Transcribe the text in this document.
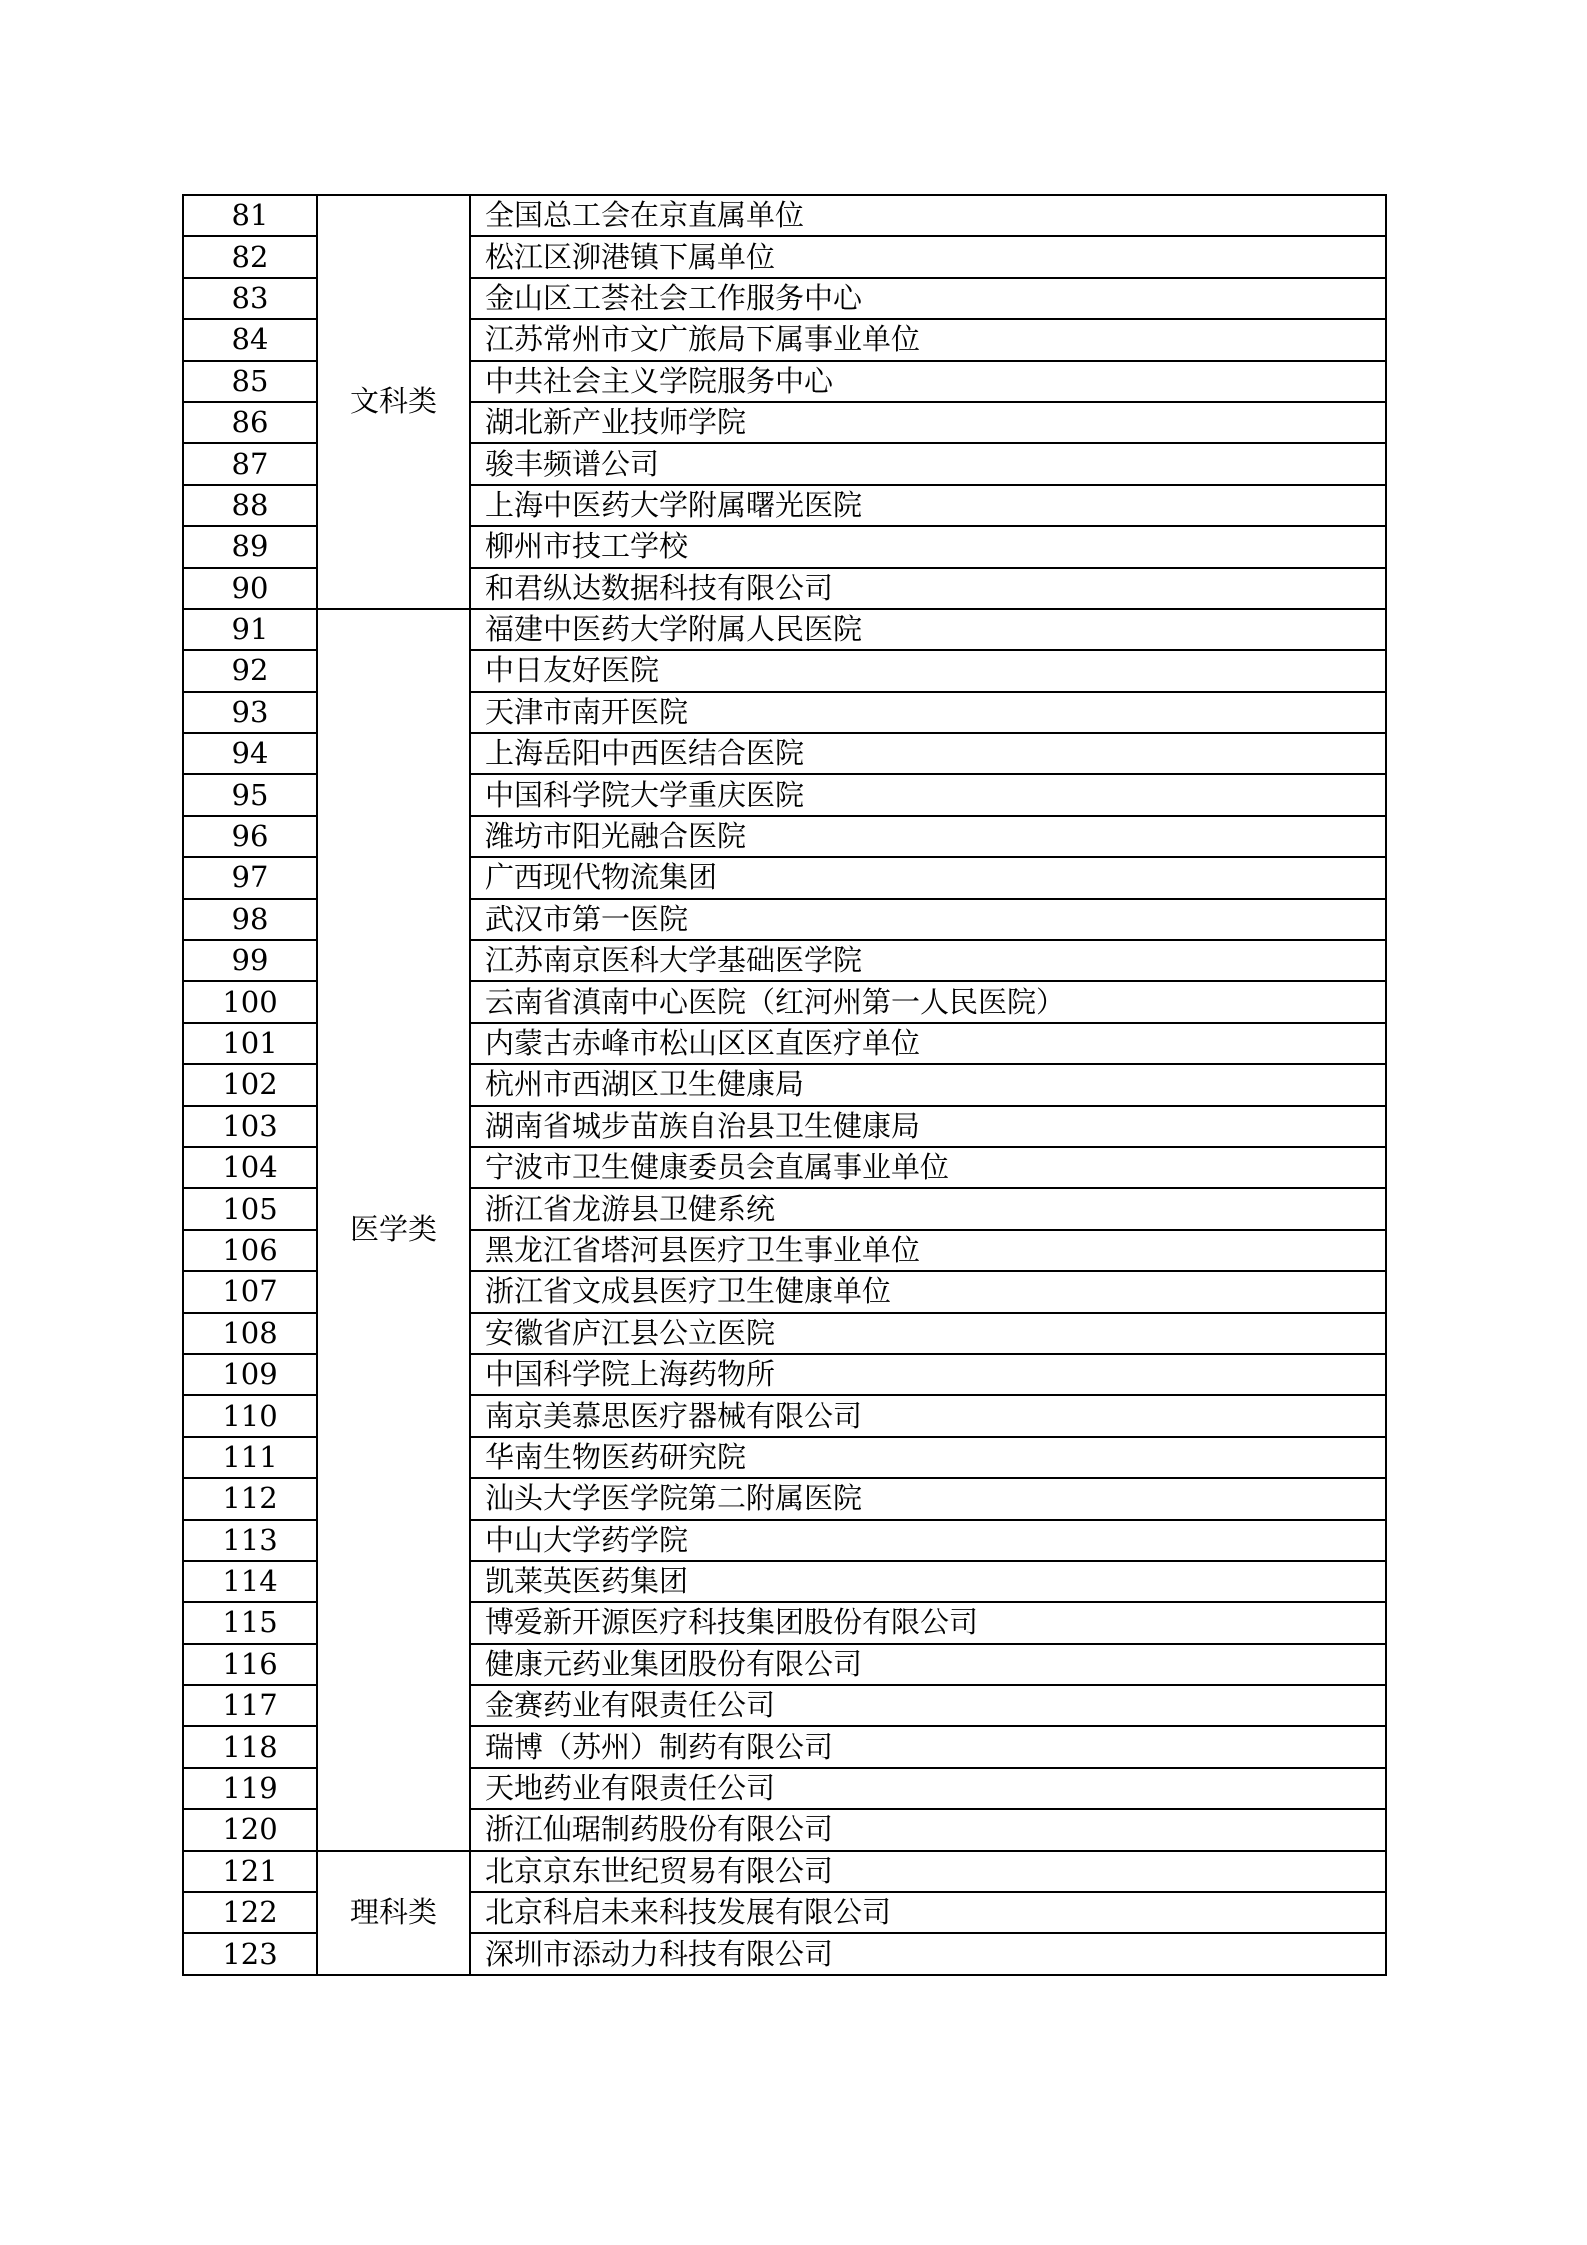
81	文科类	全国总工会在京直属单位
82		松江区泖港镇下属单位
83		金山区工荟社会工作服务中心
84		江苏常州市文广旅局下属事业单位
85		中共社会主义学院服务中心
86		湖北新产业技师学院
87		骏丰频谱公司
88		上海中医药大学附属曙光医院
89		柳州市技工学校
90		和君纵达数据科技有限公司
91	医学类	福建中医药大学附属人民医院
92		中日友好医院
93		天津市南开医院
94		上海岳阳中西医结合医院
95		中国科学院大学重庆医院
96		潍坊市阳光融合医院
97		广西现代物流集团
98		武汉市第一医院
99		江苏南京医科大学基础医学院
100		云南省滇南中心医院（红河州第一人民医院）
101		内蒙古赤峰市松山区区直医疗单位
102		杭州市西湖区卫生健康局
103		湖南省城步苗族自治县卫生健康局
104		宁波市卫生健康委员会直属事业单位
105		浙江省龙游县卫健系统
106		黑龙江省塔河县医疗卫生事业单位
107		浙江省文成县医疗卫生健康单位
108		安徽省庐江县公立医院
109		中国科学院上海药物所
110		南京美慕思医疗器械有限公司
111		华南生物医药研究院
112		汕头大学医学院第二附属医院
113		中山大学药学院
114		凯莱英医药集团
115		博爱新开源医疗科技集团股份有限公司
116		健康元药业集团股份有限公司
117		金赛药业有限责任公司
118		瑞博（苏州）制药有限公司
119		天地药业有限责任公司
120		浙江仙琚制药股份有限公司
121	理科类	北京京东世纪贸易有限公司
122		北京科启未来科技发展有限公司
123		深圳市添动力科技有限公司
